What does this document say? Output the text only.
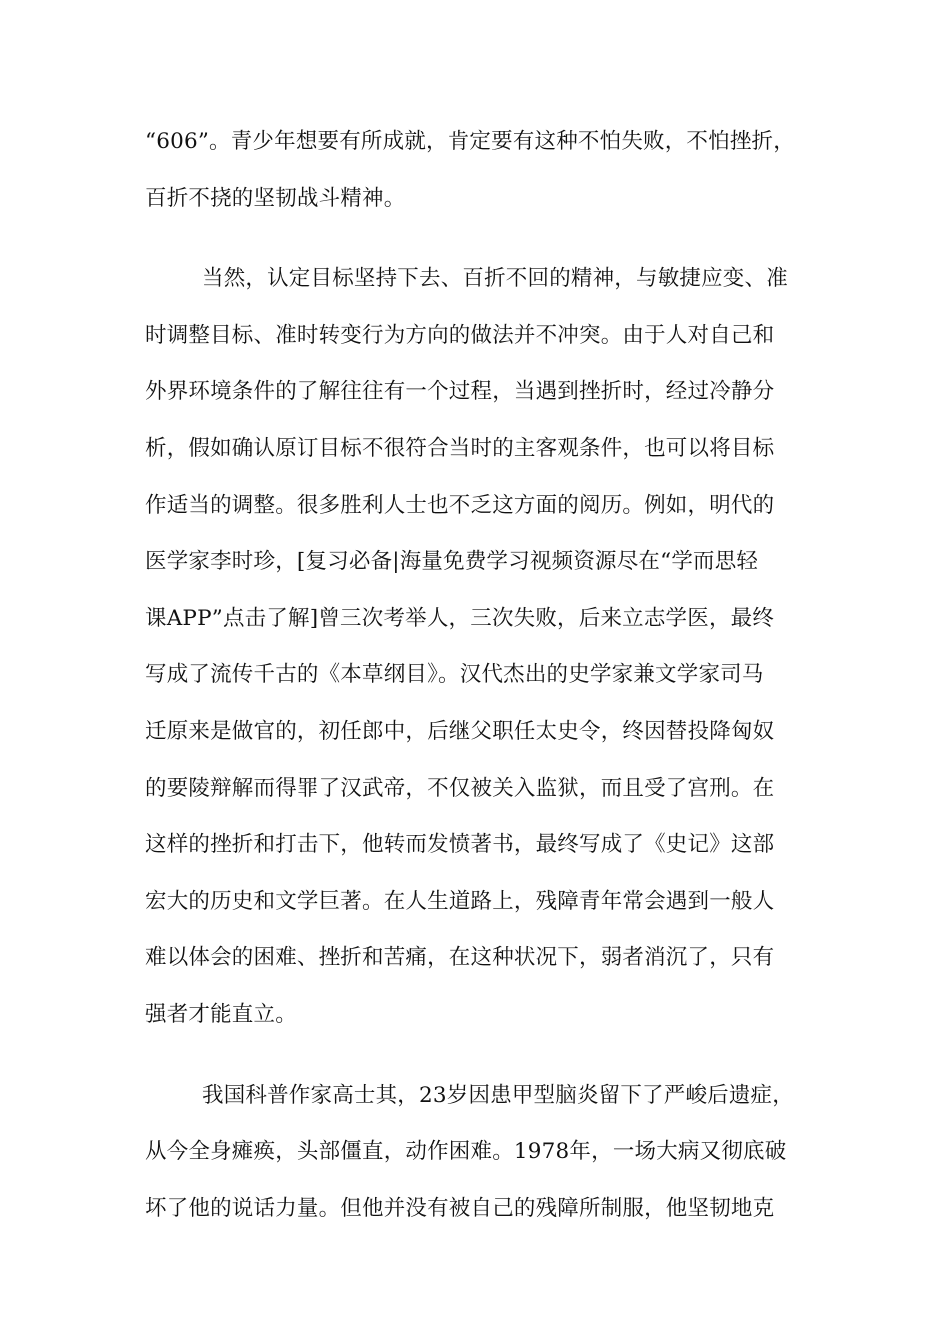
“606”。青少年想要有所成就，肯定要有这种不怕失败，不怕挫折，
百折不挠的坚韧战斗精神。
当然，认定目标坚持下去、百折不回的精神，与敏捷应变、准
时调整目标、准时转变行为方向的做法并不冲突。由于人对自己和
外界环境条件的了解往往有一个过程，当遇到挫折时，经过冷静分
析，假如确认原订目标不很符合当时的主客观条件，也可以将目标
作适当的调整。很多胜利人士也不乏这方面的阅历。例如，明代的
医学家李时珍，[复习必备|海量免费学习视频资源尽在“学而思轻
课APP”点击了解]曾三次考举人，三次失败，后来立志学医，最终
写成了流传千古的《本草纲目》。汉代杰出的史学家兼文学家司马
迁原来是做官的，初任郎中，后继父职任太史令，终因替投降匈奴
的要陵辩解而得罪了汉武帝，不仅被关入监狱，而且受了宫刑。在
这样的挫折和打击下，他转而发愤著书，最终写成了《史记》这部
宏大的历史和文学巨著。在人生道路上，残障青年常会遇到一般人
难以体会的困难、挫折和苦痛，在这种状况下，弱者消沉了，只有
强者才能直立。
我国科普作家高士其，23岁因患甲型脑炎留下了严峻后遗症，
从今全身瘫痪，头部僵直，动作困难。1978年，一场大病又彻底破
坏了他的说话力量。但他并没有被自己的残障所制服，他坚韧地克
